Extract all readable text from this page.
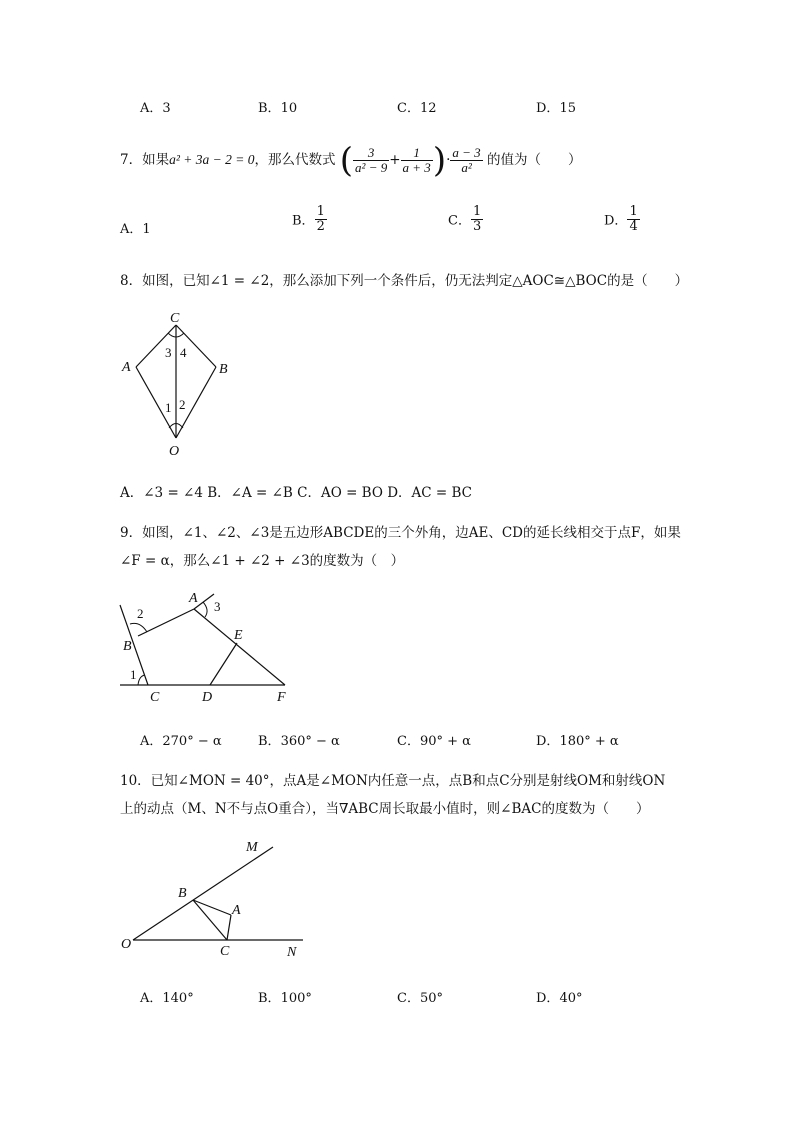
A．3	B．10	C．12	D．15
7．如果a² + 3a − 2 = 0，那么代数式 ( $\frac{3}{\text{a² − 9}} + \frac{1}{a + 3}$ )· $\frac{a - 3}{\text{a²}}$ 的值为（　　）
A．1
B． $\frac{1}{2}$	C． $\frac{1}{3}$	D． $\frac{1}{4}$
8．如图，已知∠1 = ∠2，那么添加下列一个条件后，仍无法判定△AOC≅△BOC的是（　　）
C
A	B
O
3 4
1 2
A．∠3 = ∠4 B．∠A = ∠B C．AO = BO D．AC = BC
9．如图，∠1、∠2、∠3是五边形ABCDE的三个外角，边AE、CD的延长线相交于点F，如果
∠F = α，那么∠1 + ∠2 + ∠3的度数为（　）
A
B
C	D
E
F
2	3
1
A．270° − α	B．360° − α	C．90° + α	D．180° + α
10．已知∠MON = 40°，点A是∠MON内任意一点，点B和点C分别是射线OM和射线ON
上的动点（M、N不与点O重合），当∇ABC周长取最小值时，则∠BAC的度数为（　　）
M
N
O
B
A
C
A．140°	B．100°	C．50°	D．40°
